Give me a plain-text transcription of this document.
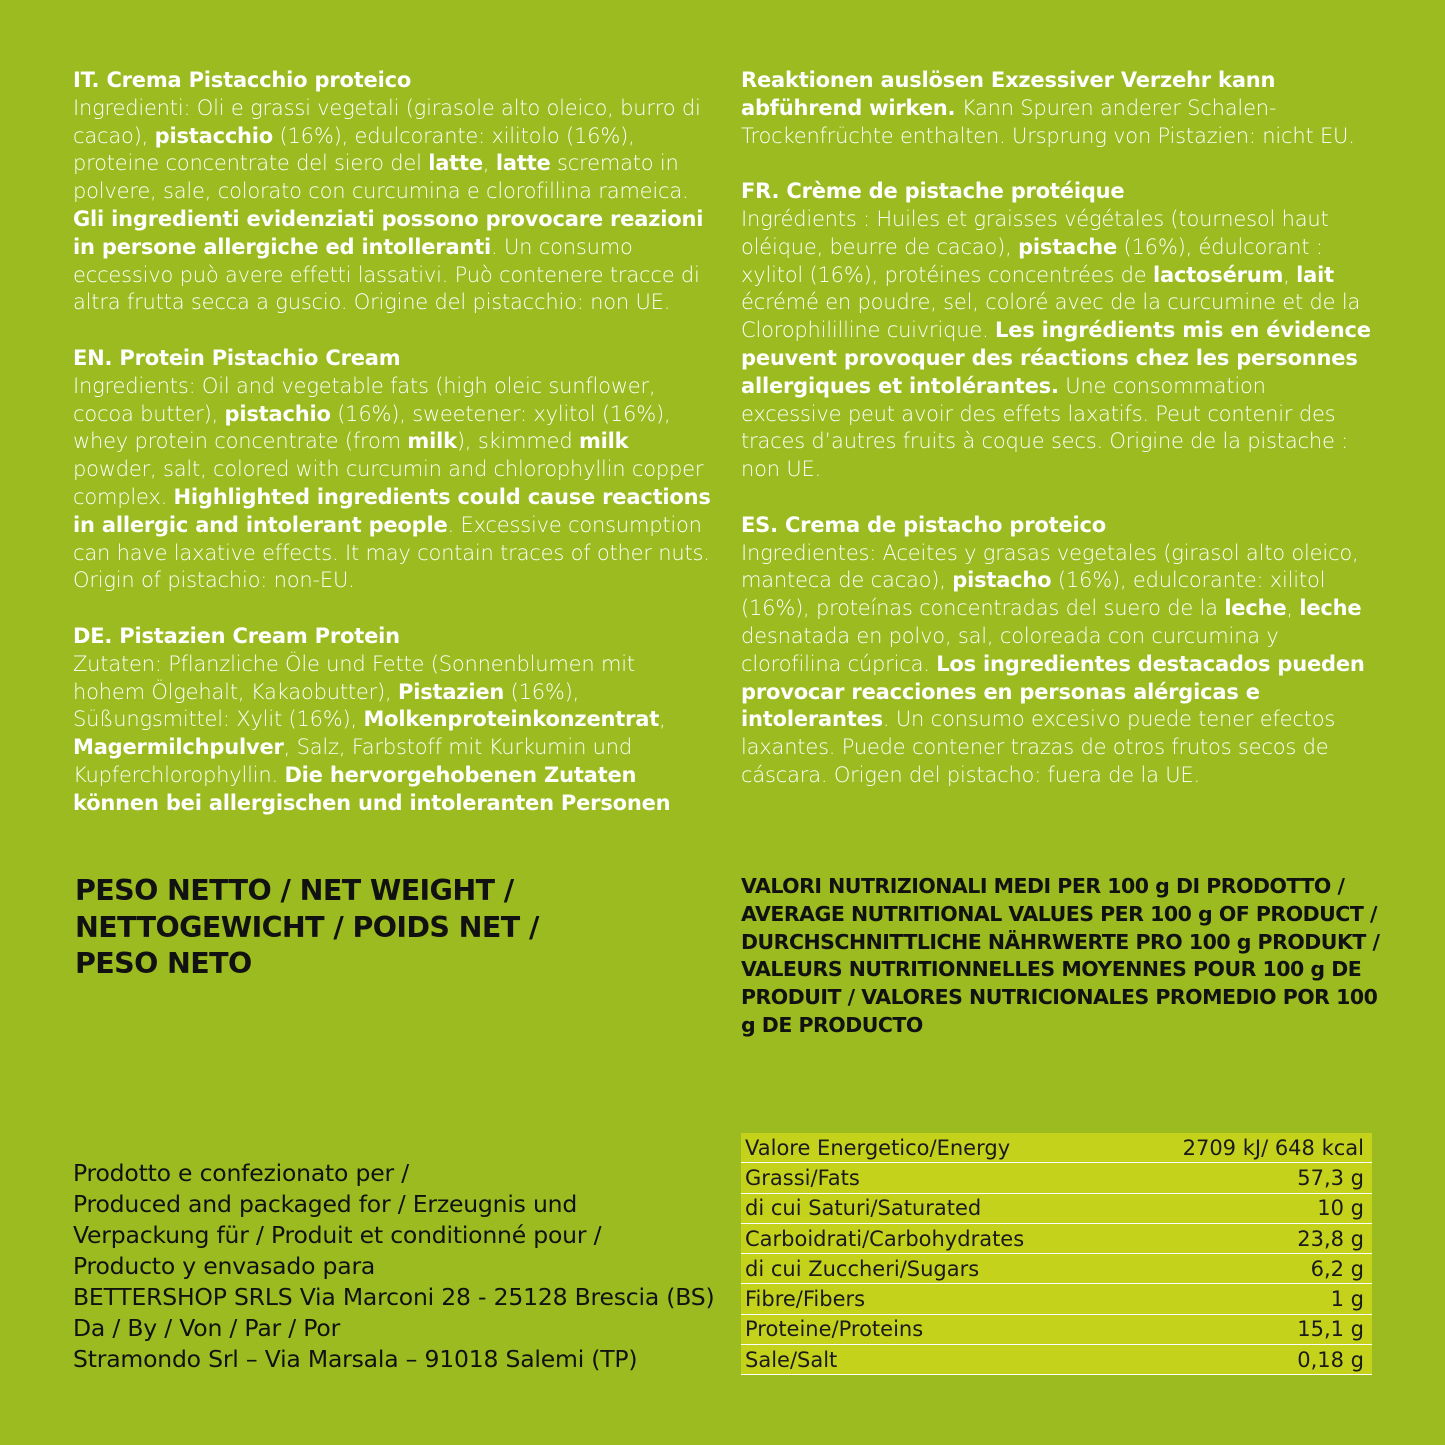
IT. Crema Pistacchio proteico
Ingredienti: Oli e grassi vegetali (girasole alto oleico, burro di cacao), pistacchio (16%), edulcorante: xilitolo (16%), proteine concentrate del siero del latte, latte scremato in polvere, sale, colorato con curcumina e clorofillina rameica. Gli ingredienti evidenziati possono provocare reazioni in persone allergiche ed intolleranti. Un consumo eccessivo può avere effetti lassativi. Può contenere tracce di altra frutta secca a guscio. Origine del pistacchio: non UE.

EN. Protein Pistachio Cream
Ingredients: Oil and vegetable fats (high oleic sunflower, cocoa butter), pistachio (16%), sweetener: xylitol (16%), whey protein concentrate (from milk), skimmed milk powder, salt, colored with curcumin and chlorophyllin copper complex. Highlighted ingredients could cause reactions in allergic and intolerant people. Excessive consumption can have laxative effects. It may contain traces of other nuts. Origin of pistachio: non-EU.

DE. Pistazien Cream Protein
Zutaten: Pflanzliche Öle und Fette (Sonnenblumen mit hohem Ölgehalt, Kakaobutter), Pistazien (16%), Süßungsmittel: Xylit (16%), Molkenproteinkonzentrat, Magermilchpulver, Salz, Farbstoff mit Kurkumin und Kupferchlorophyllin. Die hervorgehobenen Zutaten können bei allergischen und intoleranten Personen

Reaktionen auslösen Exzessiver Verzehr kann abführend wirken. Kann Spuren anderer Schalen-Trockenfrüchte enthalten. Ursprung von Pistazien: nicht EU.

FR. Crème de pistache protéique
Ingrédients : Huiles et graisses végétales (tournesol haut oléique, beurre de cacao), pistache (16%), édulcorant : xylitol (16%), protéines concentrées de lactosérum, lait écrémé en poudre, sel, coloré avec de la curcumine et de la Clorophililline cuivrique. Les ingrédients mis en évidence peuvent provoquer des réactions chez les personnes allergiques et intolérantes. Une consommation excessive peut avoir des effets laxatifs. Peut contenir des traces d’autres fruits à coque secs. Origine de la pistache : non UE.

ES. Crema de pistacho proteico
Ingredientes: Aceites y grasas vegetales (girasol alto oleico, manteca de cacao), pistacho (16%), edulcorante: xilitol (16%), proteínas concentradas del suero de la leche, leche desnatada en polvo, sal, coloreada con curcumina y clorofilina cúprica. Los ingredientes destacados pueden provocar reacciones en personas alérgicas e intolerantes. Un consumo excesivo puede tener efectos laxantes. Puede contener trazas de otros frutos secos de cáscara. Origen del pistacho: fuera de la UE.

PESO NETTO / NET WEIGHT /
NETTOGEWICHT / POIDS NET /
PESO NETO
VALORI NUTRIZIONALI MEDI PER 100 g DI PRODOTTO / AVERAGE NUTRITIONAL VALUES PER 100 g OF PRODUCT / DURCHSCHNITTLICHE NÄHRWERTE PRO 100 g PRODUKT / VALEURS NUTRITIONNELLES MOYENNES POUR 100 g DE PRODUIT / VALORES NUTRICIONALES PROMEDIO POR 100 g DE PRODUCTO
Prodotto e confezionato per /
Produced and packaged for / Erzeugnis und
Verpackung für / Produit et conditionné pour /
Producto y envasado para
BETTERSHOP SRLS Via Marconi 28 - 25128 Brescia (BS)
Da / By / Von / Par / Por
Stramondo Srl – Via Marsala – 91018 Salemi (TP)
Valore Energetico/Energy	2709 kJ/ 648 kcal
Grassi/Fats	57,3 g
di cui Saturi/Saturated	10 g
Carboidrati/Carbohydrates	23,8 g
di cui Zuccheri/Sugars	6,2 g
Fibre/Fibers	1 g
Proteine/Proteins	15,1 g
Sale/Salt	0,18 g
